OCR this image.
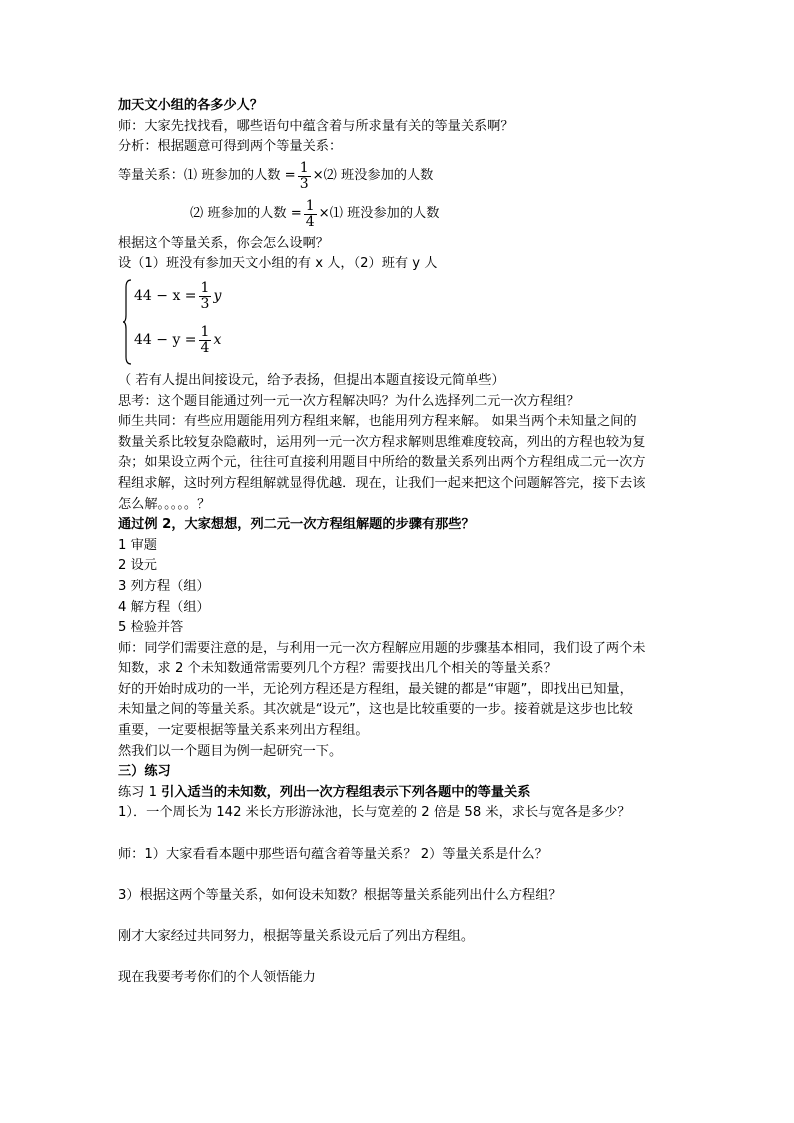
加天文小组的各多少人？
师：大家先找找看，哪些语句中蕴含着与所求量有关的等量关系啊？
分析：根据题意可得到两个等量关系：
等量关系：⑴ 班参加的人数 = $\frac{1}{3}$ ×⑵ 班没参加的人数
⑵ 班参加的人数 = $\frac{1}{4}$ ×⑴ 班没参加的人数
根据这个等量关系，你会怎么设啊？
设（1）班没有参加天文小组的有 x 人，（2）班有 y 人
$44 - x = \frac{1}{3}$ y
$44 - y = \frac{1}{4}$ x
（ 若有人提出间接设元，给予表扬，但提出本题直接设元简单些）
思考：这个题目能通过列一元一次方程解决吗？为什么选择列二元一次方程组？
师生共同：有些应用题能用列方程组来解，也能用列方程来解。 如果当两个未知量之间的
数量关系比较复杂隐蔽时，运用列一元一次方程求解则思维难度较高，列出的方程也较为复
杂；如果设立两个元，往往可直接利用题目中所给的数量关系列出两个方程组成二元一次方
程组求解，这时列方程组解就显得优越．现在，让我们一起来把这个问题解答完，接下去该
怎么解。。。。。？
通过例 2，大家想想，列二元一次方程组解题的步骤有那些？
1 审题
2 设元
3 列方程（组）
4 解方程（组）
5 检验并答
师：同学们需要注意的是，与利用一元一次方程解应用题的步骤基本相同，我们设了两个未
知数，求 2 个未知数通常需要列几个方程？需要找出几个相关的等量关系？
好的开始时成功的一半，无论列方程还是方程组，最关键的都是“审题”，即找出已知量，
未知量之间的等量关系。其次就是“设元”，这也是比较重要的一步。接着就是这步也比较
重要，一定要根据等量关系来列出方程组。
然我们以一个题目为例一起研究一下。
三）练习
练习 1 引入适当的未知数，列出一次方程组表示下列各题中的等量关系
1）．一个周长为 142 米长方形游泳池，长与宽差的 2 倍是 58 米，求长与宽各是多少？
师：1）大家看看本题中那些语句蕴含着等量关系？ 2）等量关系是什么？
3）根据这两个等量关系，如何设未知数？根据等量关系能列出什么方程组？
刚才大家经过共同努力，根据等量关系设元后了列出方程组。
现在我要考考你们的个人领悟能力
